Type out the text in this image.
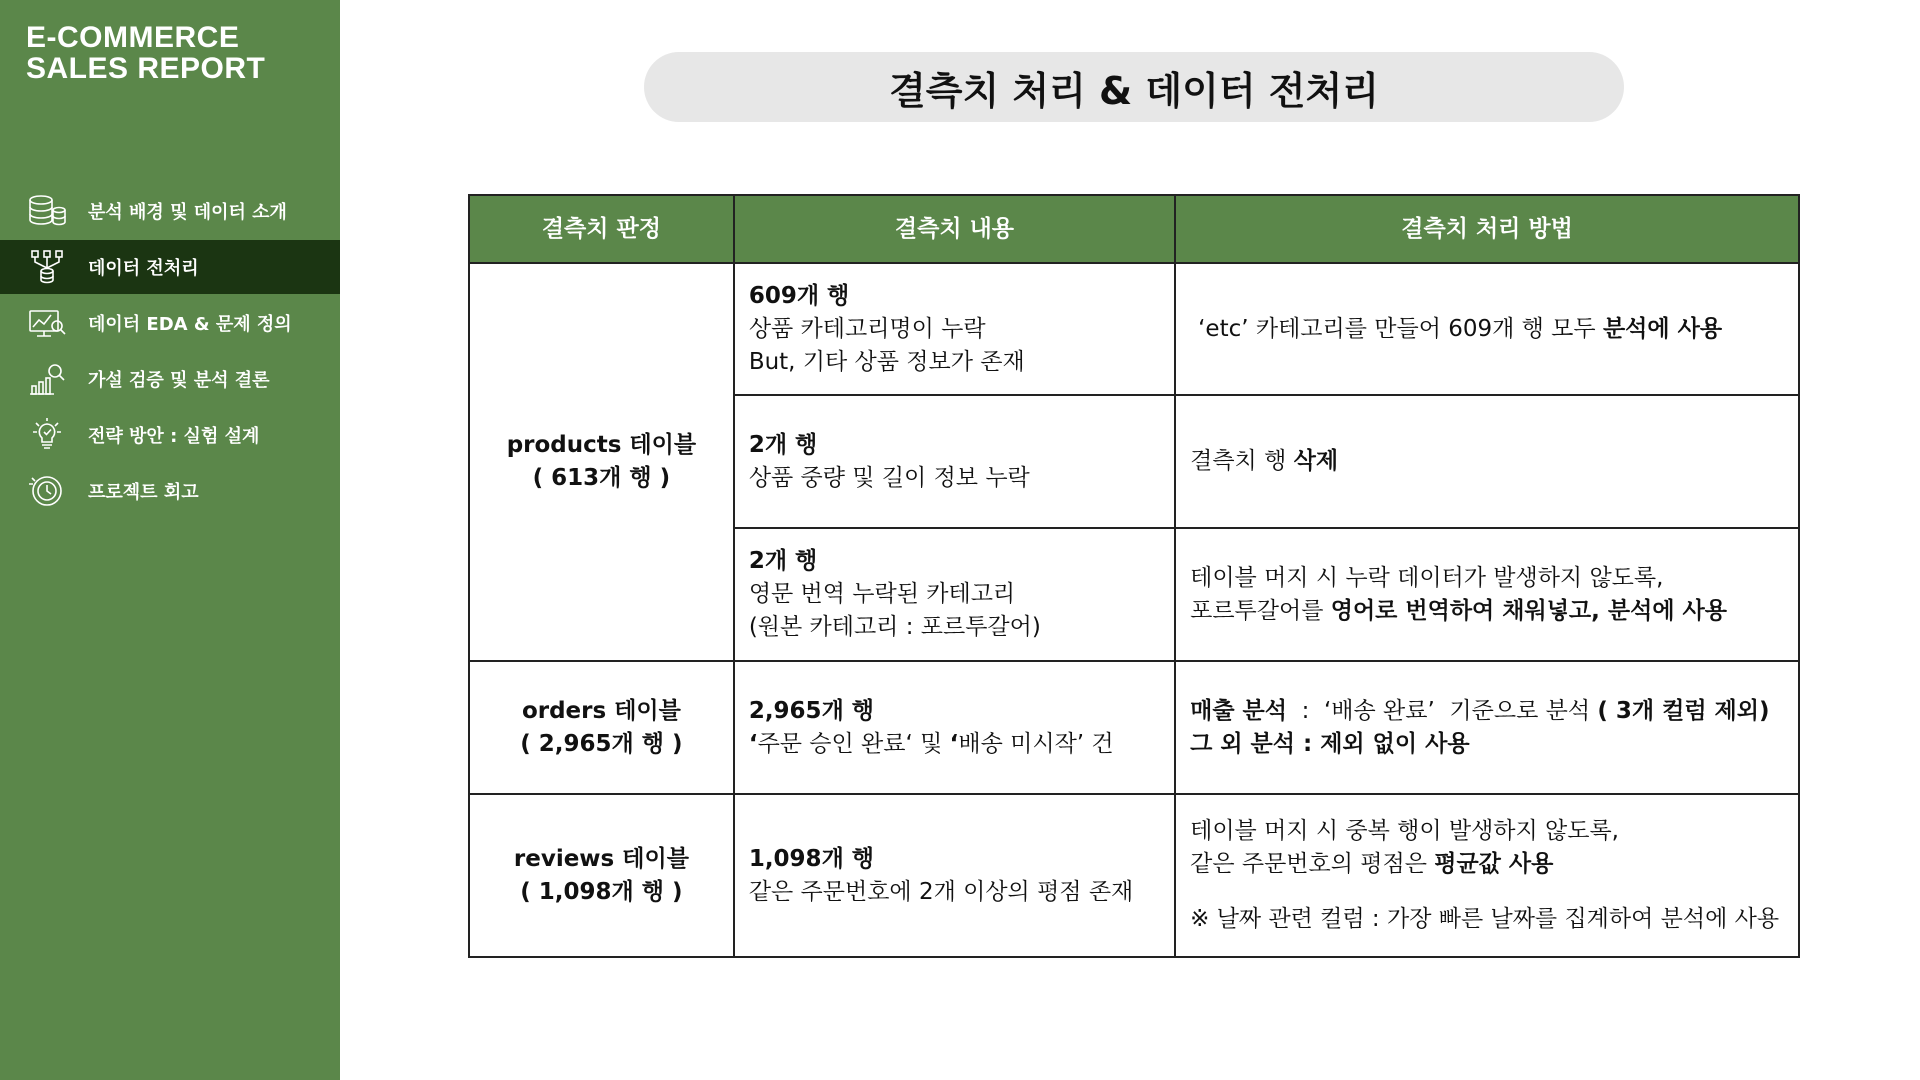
E-COMMERCE
SALES REPORT
분석 배경 및 데이터 소개
데이터 전처리
데이터 EDA & 문제 정의
가설 검증 및 분석 결론
전략 방안 : 실험 설계
프로젝트 회고
결측치 처리 & 데이터 전처리
결측치 판정	결측치 내용	결측치 처리 방법

products 테이블
( 613개 행 )	609개 행
상품 카테고리명이 누락
But, 기타 상품 정보가 존재	‘etc’ 카테고리를 만들어 609개 행 모두 분석에 사용

	2개 행
상품 중량 및 길이 정보 누락	결측치 행 삭제

	2개 행
영문 번역 누락된 카테고리
(원본 카테고리 : 포르투갈어)	테이블 머지 시 누락 데이터가 발생하지 않도록,
포르투갈어를 영어로 번역하여 채워넣고, 분석에 사용

orders 테이블
( 2,965개 행 )	2,965개 행
‘주문 승인 완료‘ 및 ‘배송 미시작’ 건	매출 분석  :  ‘배송 완료’  기준으로 분석 ( 3개 컬럼 제외)
그 외 분석 : 제외 없이 사용

reviews 테이블
( 1,098개 행 )	1,098개 행
같은 주문번호에 2개 이상의 평점 존재	테이블 머지 시 중복 행이 발생하지 않도록,
같은 주문번호의 평점은 평균값 사용
※ 날짜 관련 컬럼 : 가장 빠른 날짜를 집계하여 분석에 사용
